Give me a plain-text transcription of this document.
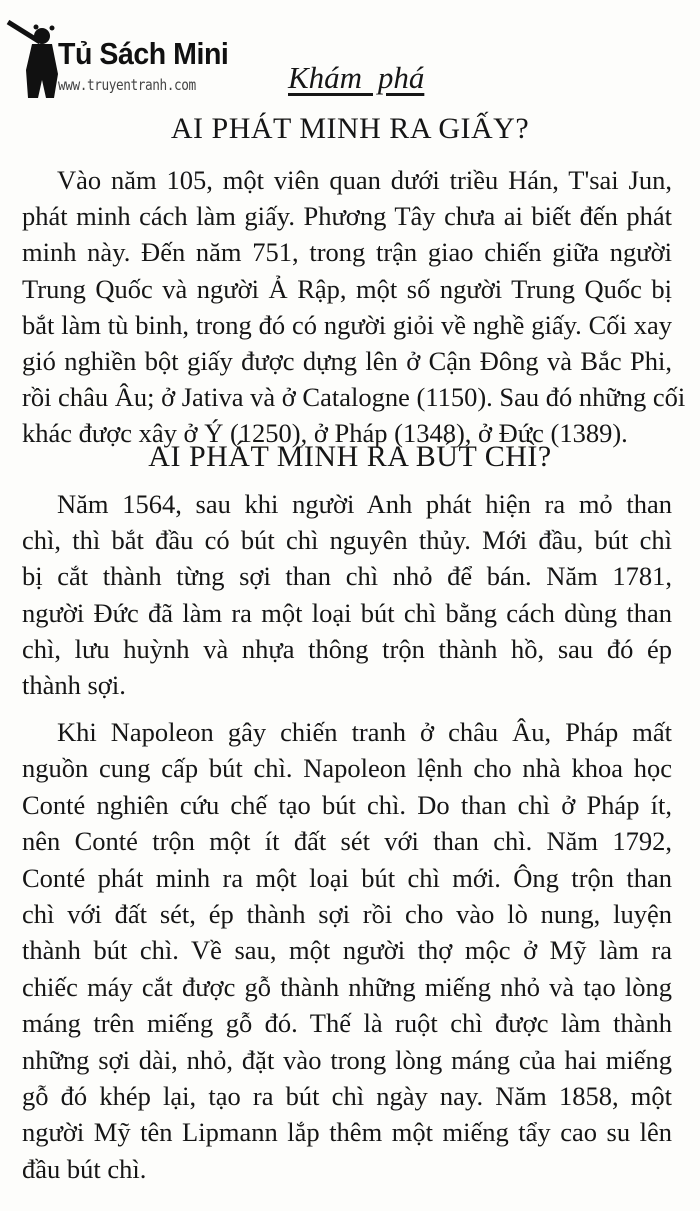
Tủ Sách Mini
www.truyentranh.com	Khám phá
AI PHÁT MINH RA GIẤY?
Vào năm 105, một viên quan dưới triều Hán, T'sai Jun,
phát minh cách làm giấy. Phương Tây chưa ai biết đến phát
minh này. Đến năm 751, trong trận giao chiến giữa người
Trung Quốc và người Ả Rập, một số người Trung Quốc bị
bắt làm tù binh, trong đó có người giỏi về nghề giấy. Cối xay
gió nghiền bột giấy được dựng lên ở Cận Đông và Bắc Phi,
rồi châu Âu; ở Jativa và ở Catalogne (1150). Sau đó những cối
khác được xây ở Ý (1250), ở Pháp (1348), ở Đức (1389).
AI PHÁT MINH RA BÚT CHÌ?
Năm 1564, sau khi người Anh phát hiện ra mỏ than
chì, thì bắt đầu có bút chì nguyên thủy. Mới đầu, bút chì
bị cắt thành từng sợi than chì nhỏ để bán. Năm 1781,
người Đức đã làm ra một loại bút chì bằng cách dùng than
chì, lưu huỳnh và nhựa thông trộn thành hồ, sau đó ép
thành sợi.
Khi Napoleon gây chiến tranh ở châu Âu, Pháp mất
nguồn cung cấp bút chì. Napoleon lệnh cho nhà khoa học
Conté nghiên cứu chế tạo bút chì. Do than chì ở Pháp ít,
nên Conté trộn một ít đất sét với than chì. Năm 1792,
Conté phát minh ra một loại bút chì mới. Ông trộn than
chì với đất sét, ép thành sợi rồi cho vào lò nung, luyện
thành bút chì. Về sau, một người thợ mộc ở Mỹ làm ra
chiếc máy cắt được gỗ thành những miếng nhỏ và tạo lòng
máng trên miếng gỗ đó. Thế là ruột chì được làm thành
những sợi dài, nhỏ, đặt vào trong lòng máng của hai miếng
gỗ đó khép lại, tạo ra bút chì ngày nay. Năm 1858, một
người Mỹ tên Lipmann lắp thêm một miếng tẩy cao su lên
đầu bút chì.
